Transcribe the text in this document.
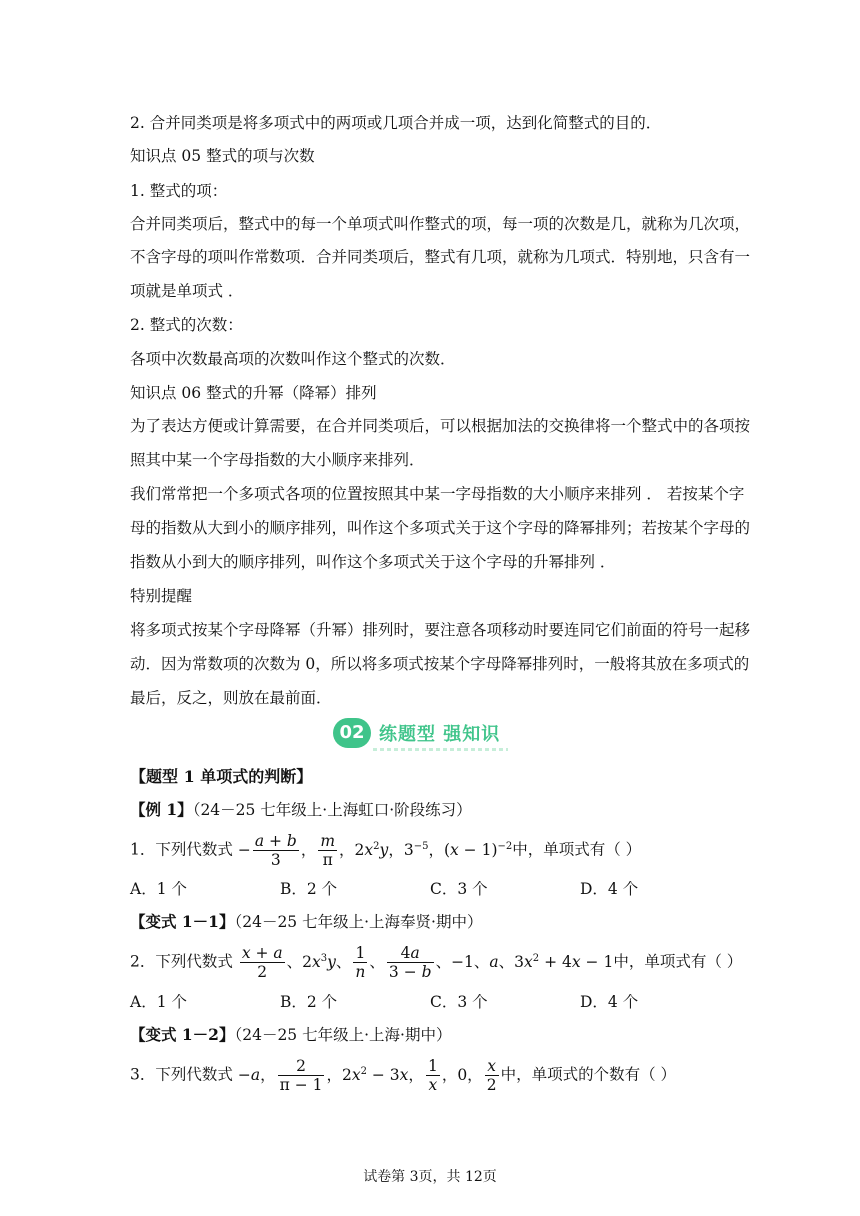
2. 合并同类项是将多项式中的两项或几项合并成一项，达到化简整式的目的．
知识点 05 整式的项与次数
1. 整式的项：
合并同类项后，整式中的每一个单项式叫作整式的项，每一项的次数是几，就称为几次项，
不含字母的项叫作常数项．合并同类项后，整式有几项，就称为几项式．特别地，只含有一
项就是单项式 ．
2. 整式的次数：
各项中次数最高项的次数叫作这个整式的次数．
知识点 06 整式的升幂（降幂）排列
为了表达方便或计算需要，在合并同类项后，可以根据加法的交换律将一个整式中的各项按
照其中某一个字母指数的大小顺序来排列．
我们常常把一个多项式各项的位置按照其中某一字母指数的大小顺序来排列 ． 若按某个字
母的指数从大到小的顺序排列，叫作这个多项式关于这个字母的降幂排列；若按某个字母的
指数从小到大的顺序排列，叫作这个多项式关于这个字母的升幂排列 ．
特别提醒
将多项式按某个字母降幂（升幂）排列时，要注意各项移动时要连同它们前面的符号一起移
动．因为常数项的次数为 0，所以将多项式按某个字母降幂排列时，一般将其放在多项式的
最后，反之，则放在最前面．
02 练题型 强知识
【题型 1 单项式的判断】
【例 1】（24－25 七年级上·上海虹口·阶段练习）
1．下列代数式 − $\frac{a + b}{3}$ ， $\frac{m}{\pi}$ ，$2x^2y$，$3^{-5}$，$(x - 1)^{-2}$中，单项式有（ ）
A．1 个	B．2 个	C．3 个	D．4 个
【变式 1－1】（24－25 七年级上·上海奉贤·期中）
2．下列代数式 $\frac{x + a}{2}$ 、$2x^3y$、 $\frac{1}{n}$ 、 $\frac{4a}{3 - b}$ 、−1、a、$3x^2 + 4x - 1$中，单项式有（ ）
A．1 个	B．2 个	C．3 个	D．4 个
【变式 1－2】（24－25 七年级上·上海·期中）
3．下列代数式 −a， $\frac{2}{\pi - 1}$ ，$2x^2 - 3x$， $\frac{1}{x}$ ，0， $\frac{x}{2}$ 中，单项式的个数有（ ）
试卷第 3页，共 12页
